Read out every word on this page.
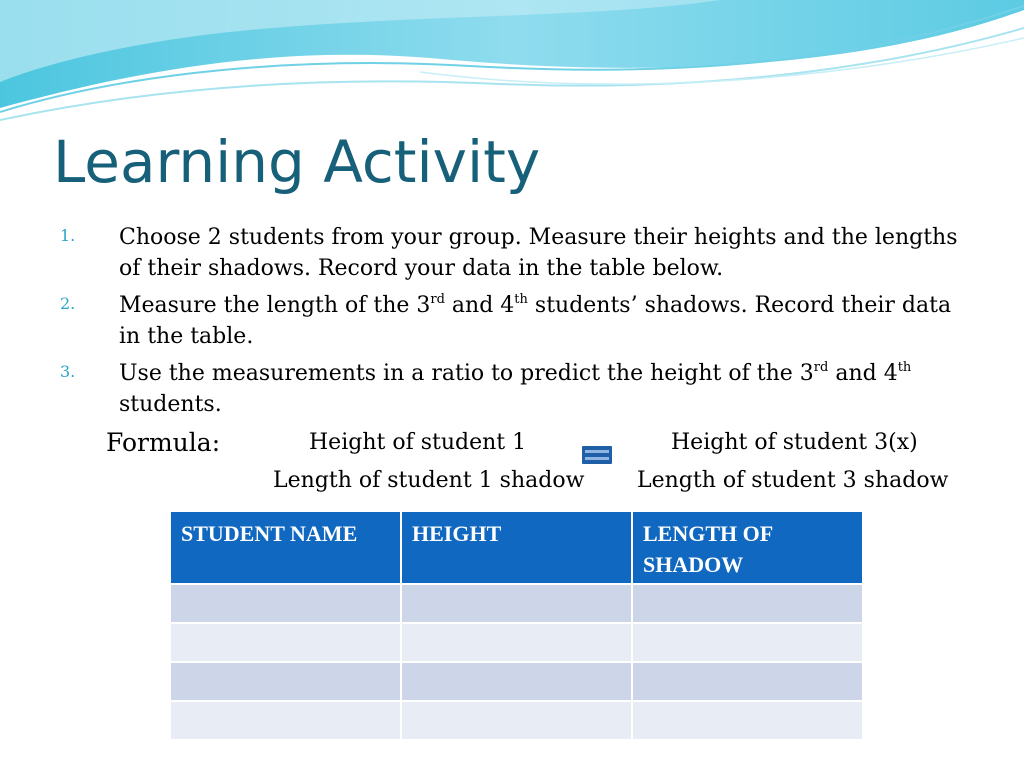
Learning Activity
1. Choose 2 students from your group. Measure their heights and the lengths of their shadows. Record your data in the table below.
2. Measure the length of the 3rd and 4th students’ shadows. Record their data in the table.
3. Use the measurements in a ratio to predict the height of the 3rd and 4th students.
Formula:	Height of student 1
Length of student 1 shadow
Height of student 3(x)
Length of student 3 shadow
STUDENT NAME	HEIGHT	LENGTH OF SHADOW
